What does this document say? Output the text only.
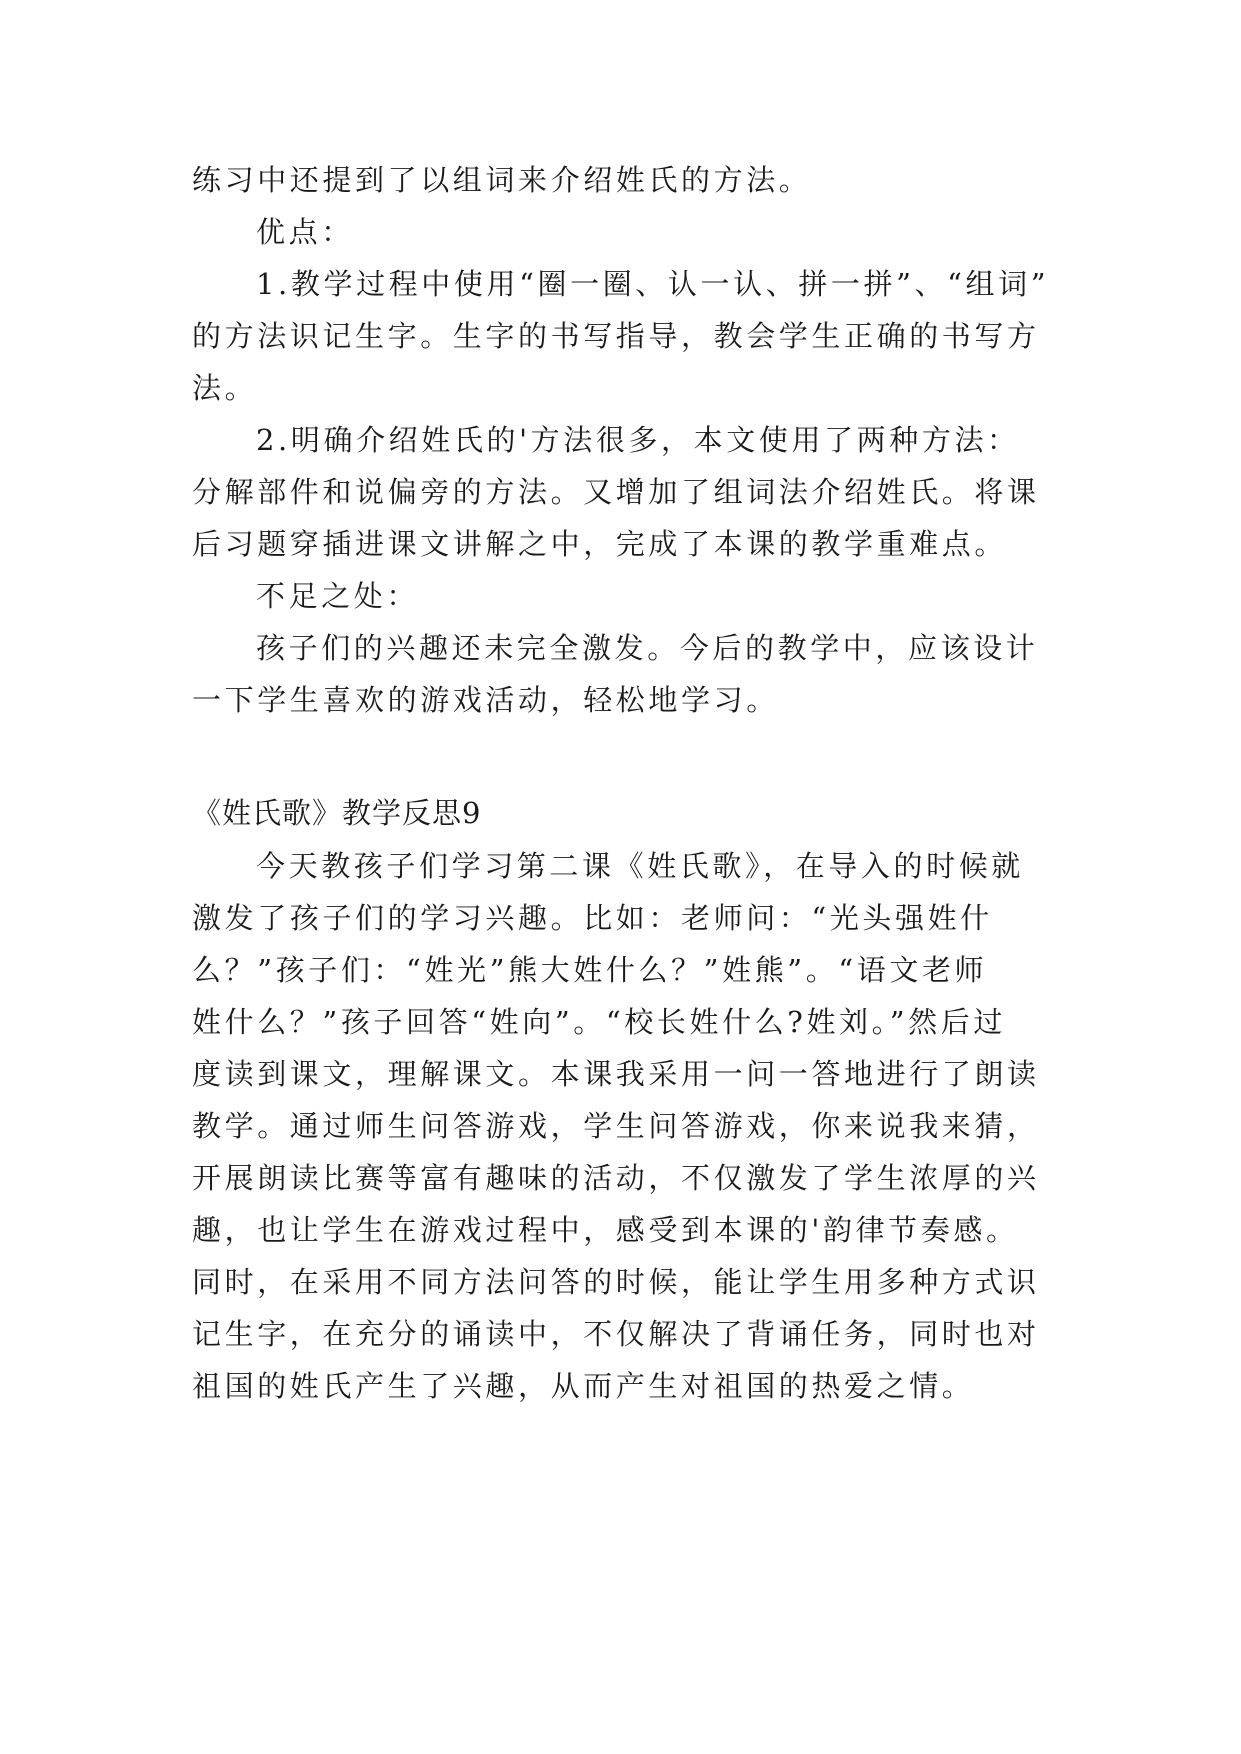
练习中还提到了以组词来介绍姓氏的方法。
优点：
1.教学过程中使用“圈一圈、认一认、拼一拼”、“组词”
的方法识记生字。生字的书写指导，教会学生正确的书写方
法。
2.明确介绍姓氏的'方法很多，本文使用了两种方法：
分解部件和说偏旁的方法。又增加了组词法介绍姓氏。将课
后习题穿插进课文讲解之中，完成了本课的教学重难点。
不足之处：
孩子们的兴趣还未完全激发。今后的教学中，应该设计
一下学生喜欢的游戏活动，轻松地学习。
《姓氏歌》教学反思9
今天教孩子们学习第二课《姓氏歌》，在导入的时候就
激发了孩子们的学习兴趣。比如：老师问：“光头强姓什
么？”孩子们：“姓光”熊大姓什么？”姓熊”。“语文老师
姓什么？”孩子回答“姓向”。“校长姓什么?姓刘。”然后过
度读到课文，理解课文。本课我采用一问一答地进行了朗读
教学。通过师生问答游戏，学生问答游戏，你来说我来猜，
开展朗读比赛等富有趣味的活动，不仅激发了学生浓厚的兴
趣，也让学生在游戏过程中，感受到本课的'韵律节奏感。
同时，在采用不同方法问答的时候，能让学生用多种方式识
记生字，在充分的诵读中，不仅解决了背诵任务，同时也对
祖国的姓氏产生了兴趣，从而产生对祖国的热爱之情。
